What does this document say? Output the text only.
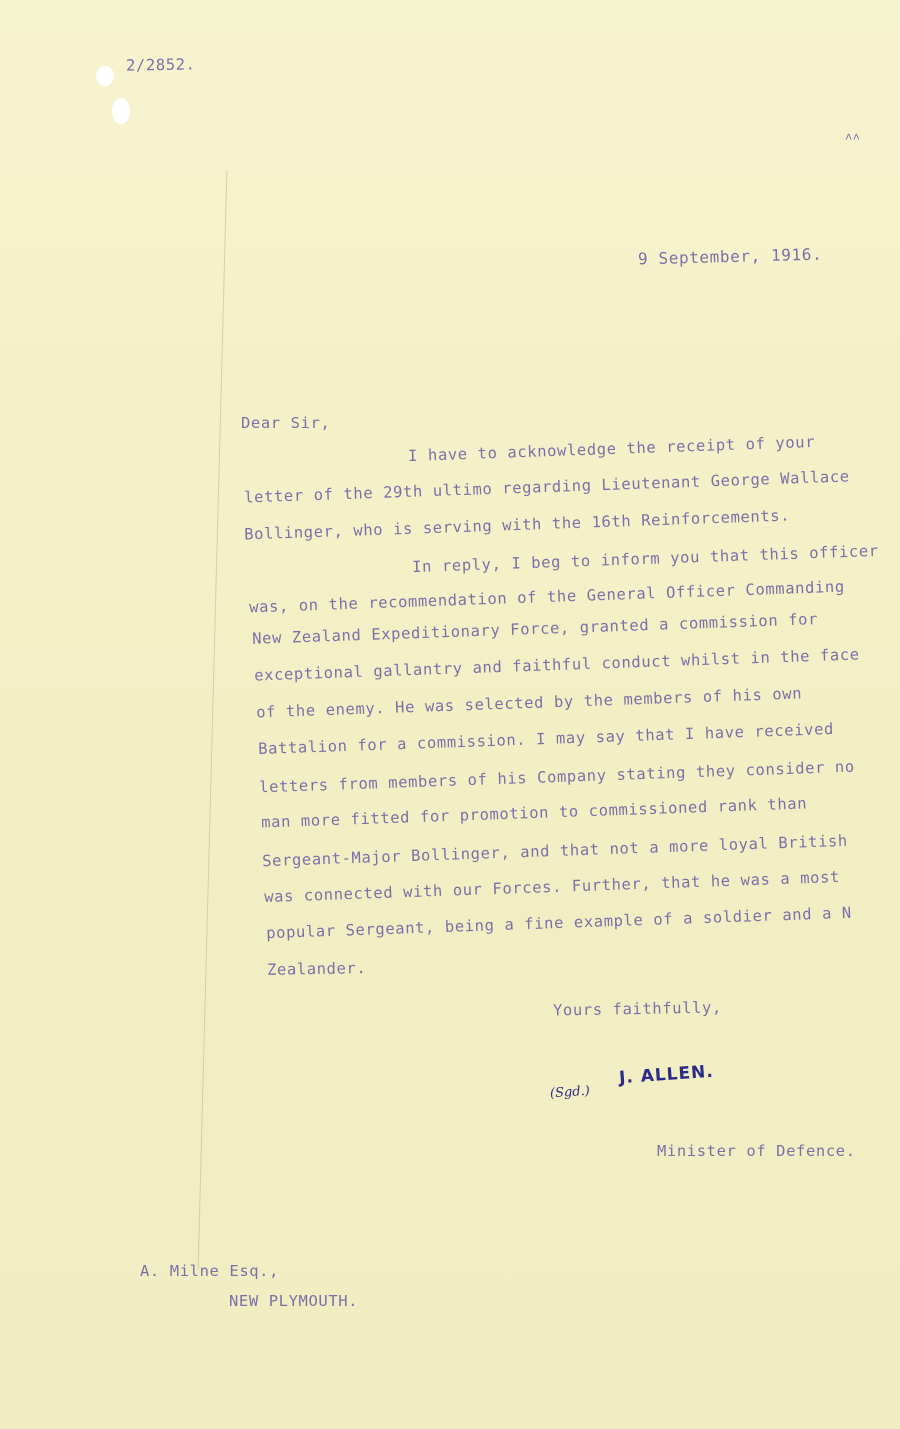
2/2852.
˄˄
9 September, 1916.
Dear Sir,
I have to acknowledge the receipt of your
letter of the 29th ultimo regarding Lieutenant George Wallace
Bollinger, who is serving with the 16th Reinforcements.
In reply, I beg to inform you that this officer
was, on the recommendation of the General Officer Commanding
New Zealand Expeditionary Force, granted a commission for
exceptional gallantry and faithful conduct whilst in the face
of the enemy. He was selected by the members of his own
Battalion for a commission. I may say that I have received
letters from members of his Company stating they consider no
man more fitted for promotion to commissioned rank than
Sergeant-Major Bollinger, and that not a more loyal British
was connected with our Forces. Further, that he was a most
popular Sergeant, being a fine example of a soldier and a N
Zealander.
Yours faithfully,
(Sgd.)
J. ALLEN.
Minister of Defence.
A. Milne Esq.,
NEW PLYMOUTH.
